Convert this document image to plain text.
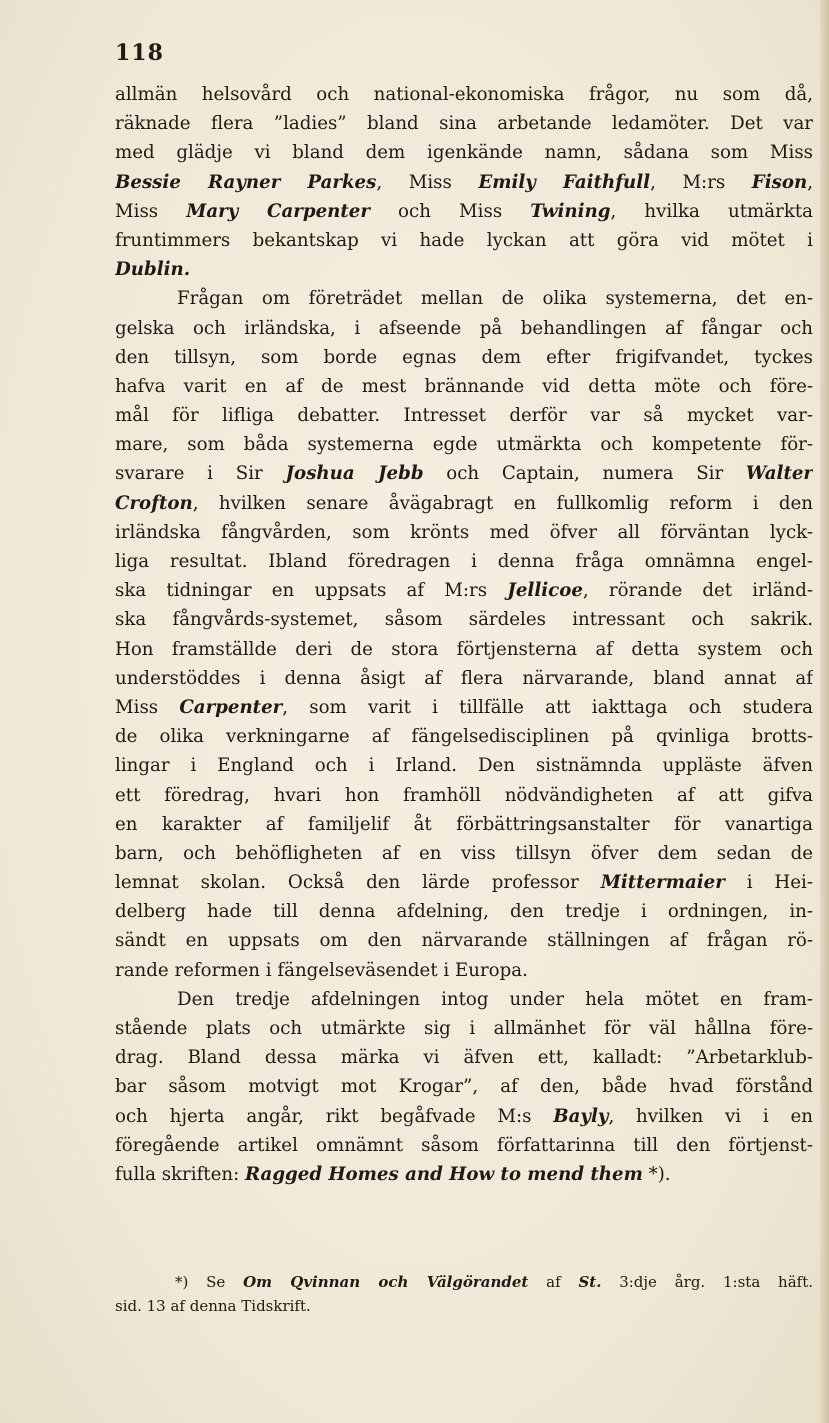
118
allmän helsovård och national-ekonomiska frågor, nu som då,
räknade flera ”ladies” bland sina arbetande ledamöter. Det var
med glädje vi bland dem igenkände namn, sådana som Miss
Bessie Rayner Parkes, Miss Emily Faithfull, M:rs Fison,
Miss Mary Carpenter och Miss Twining, hvilka utmärkta
fruntimmers bekantskap vi hade lyckan att göra vid mötet i
Dublin.
Frågan om företrädet mellan de olika systemerna, det en-
gelska och irländska, i afseende på behandlingen af fångar och
den tillsyn, som borde egnas dem efter frigifvandet, tyckes
hafva varit en af de mest brännande vid detta möte och före-
mål för lifliga debatter. Intresset derför var så mycket var-
mare, som båda systemerna egde utmärkta och kompetente för-
svarare i Sir Joshua Jebb och Captain, numera Sir Walter
Crofton, hvilken senare åvägabragt en fullkomlig reform i den
irländska fångvården, som krönts med öfver all förväntan lyck-
liga resultat. Ibland föredragen i denna fråga omnämna engel-
ska tidningar en uppsats af M:rs Jellicoe, rörande det irländ-
ska fångvårds-systemet, såsom särdeles intressant och sakrik.
Hon framställde deri de stora förtjensterna af detta system och
understöddes i denna åsigt af flera närvarande, bland annat af
Miss Carpenter, som varit i tillfälle att iakttaga och studera
de olika verkningarne af fängelsedisciplinen på qvinliga brotts-
lingar i England och i Irland. Den sistnämnda uppläste äfven
ett föredrag, hvari hon framhöll nödvändigheten af att gifva
en karakter af familjelif åt förbättringsanstalter för vanartiga
barn, och behöfligheten af en viss tillsyn öfver dem sedan de
lemnat skolan. Också den lärde professor Mittermaier i Hei-
delberg hade till denna afdelning, den tredje i ordningen, in-
sändt en uppsats om den närvarande ställningen af frågan rö-
rande reformen i fängelseväsendet i Europa.
Den tredje afdelningen intog under hela mötet en fram-
stående plats och utmärkte sig i allmänhet för väl hållna före-
drag. Bland dessa märka vi äfven ett, kalladt: ”Arbetarklub-
bar såsom motvigt mot Krogar”, af den, både hvad förstånd
och hjerta angår, rikt begåfvade M:s Bayly, hvilken vi i en
föregående artikel omnämnt såsom författarinna till den förtjenst-
fulla skriften: Ragged Homes and How to mend them *).
*) Se Om Qvinnan och Välgörandet af St. 3:dje årg. 1:sta häft.
sid. 13 af denna Tidskrift.
